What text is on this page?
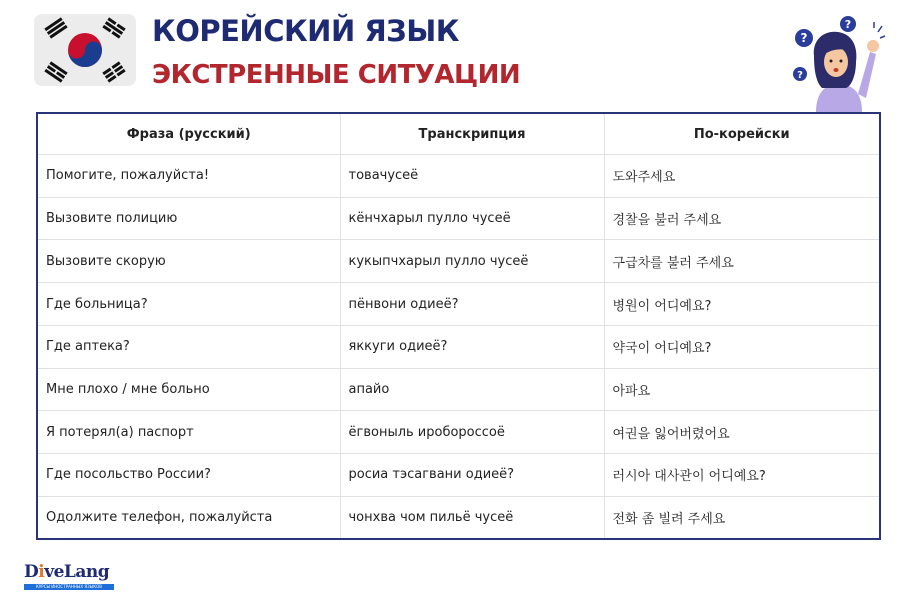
КОРЕЙСКИЙ ЯЗЫК
ЭКСТРЕННЫЕ СИТУАЦИИ
?
?
?
Фраза (русский)	Транскрипция	По-корейски
Помогите, пожалуйста!	товачусеё	도와주세요
Вызовите полицию	кёнчхарыл пулло чусеё	경찰을 불러 주세요
Вызовите скорую	кукыпчхарыл пулло чусеё	구급차를 불러 주세요
Где больница?	пёнвони одиеё?	병원이 어디예요?
Где аптека?	яккуги одиеё?	약국이 어디예요?
Мне плохо / мне больно	апайо	아파요
Я потерял(а) паспорт	ёгвоныль иробороссоё	여권을 잃어버렸어요
Где посольство России?	росиа тэсагвани одиеё?	러시아 대사관이 어디예요?
Одолжите телефон, пожалуйста	чонхва чом пильё чусеё	전화 좀 빌려 주세요
DiveLang
КУРСЫ ИНОСТРАННЫХ ЯЗЫКОВ
